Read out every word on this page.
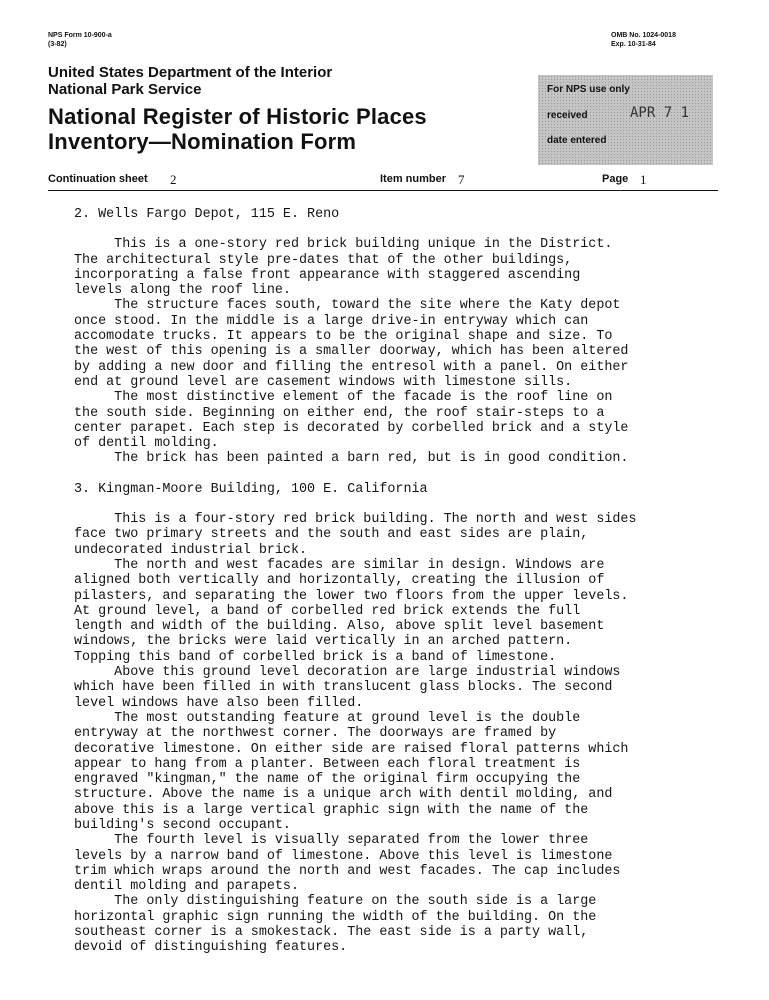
NPS Form 10-900-a
(3-82)
OMB No. 1024-0018
Exp. 10-31-84
United States Department of the Interior
National Park Service
National Register of Historic Places
Inventory—Nomination Form
For NPS use only
received	APR 7 1
date entered
Continuation sheet 2	Item number 7	Page 1

2. Wells Fargo Depot, 115 E. Reno

This is a one-story red brick building unique in the District.

The architectural style pre-dates that of the other buildings,

incorporating a false front appearance with staggered ascending

levels along the roof line.

The structure faces south, toward the site where the Katy depot

once stood. In the middle is a large drive-in entryway which can

accomodate trucks. It appears to be the original shape and size. To

the west of this opening is a smaller doorway, which has been altered

by adding a new door and filling the entresol with a panel. On either

end at ground level are casement windows with limestone sills.

The most distinctive element of the facade is the roof line on

the south side. Beginning on either end, the roof stair-steps to a

center parapet. Each step is decorated by corbelled brick and a style

of dentil molding.

The brick has been painted a barn red, but is in good condition.

3. Kingman-Moore Building, 100 E. California

This is a four-story red brick building. The north and west sides

face two primary streets and the south and east sides are plain,

undecorated industrial brick.

The north and west facades are similar in design. Windows are

aligned both vertically and horizontally, creating the illusion of

pilasters, and separating the lower two floors from the upper levels.

At ground level, a band of corbelled red brick extends the full

length and width of the building. Also, above split level basement

windows, the bricks were laid vertically in an arched pattern.

Topping this band of corbelled brick is a band of limestone.

Above this ground level decoration are large industrial windows

which have been filled in with translucent glass blocks. The second

level windows have also been filled.

The most outstanding feature at ground level is the double

entryway at the northwest corner. The doorways are framed by

decorative limestone. On either side are raised floral patterns which

appear to hang from a planter. Between each floral treatment is

engraved "kingman," the name of the original firm occupying the

structure. Above the name is a unique arch with dentil molding, and

above this is a large vertical graphic sign with the name of the

building's second occupant.

The fourth level is visually separated from the lower three

levels by a narrow band of limestone. Above this level is limestone

trim which wraps around the north and west facades. The cap includes

dentil molding and parapets.

The only distinguishing feature on the south side is a large

horizontal graphic sign running the width of the building. On the

southeast corner is a smokestack. The east side is a party wall,

devoid of distinguishing features.
